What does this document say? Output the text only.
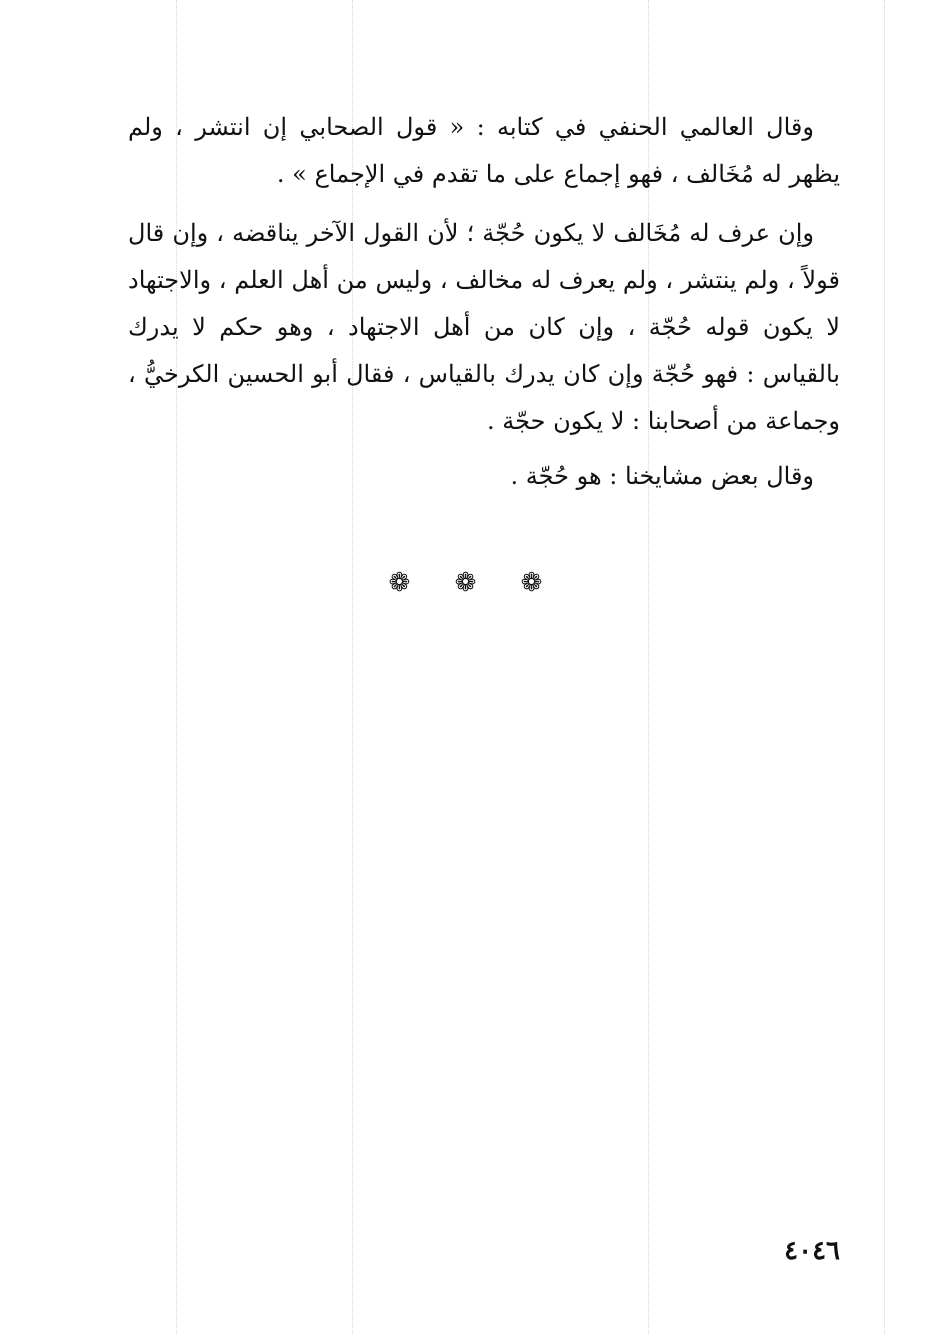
وقال العالمي الحنفي في كتابه : « قول الصحابي إن انتشر ، ولم يظهر له مُخَالف ، فهو إجماع على ما تقدم في الإجماع » .

وإن عرف له مُخَالف لا يكون حُجّة ؛ لأن القول الآخر يناقضه ، وإن قال قولاً ، ولم ينتشر ، ولم يعرف له مخالف ، وليس من أهل العلم ، والاجتهاد لا يكون قوله حُجّة ، وإن كان من أهل الاجتهاد ، وهو حكم لا يدرك بالقياس : فهو حُجّة وإن كان يدرك بالقياس ، فقال أبو الحسين الكرخيُّ ، وجماعة من أصحابنا : لا يكون حجّة .

وقال بعض مشايخنا : هو حُجّة .

❁ ❁ ❁
٤٠٤٦
